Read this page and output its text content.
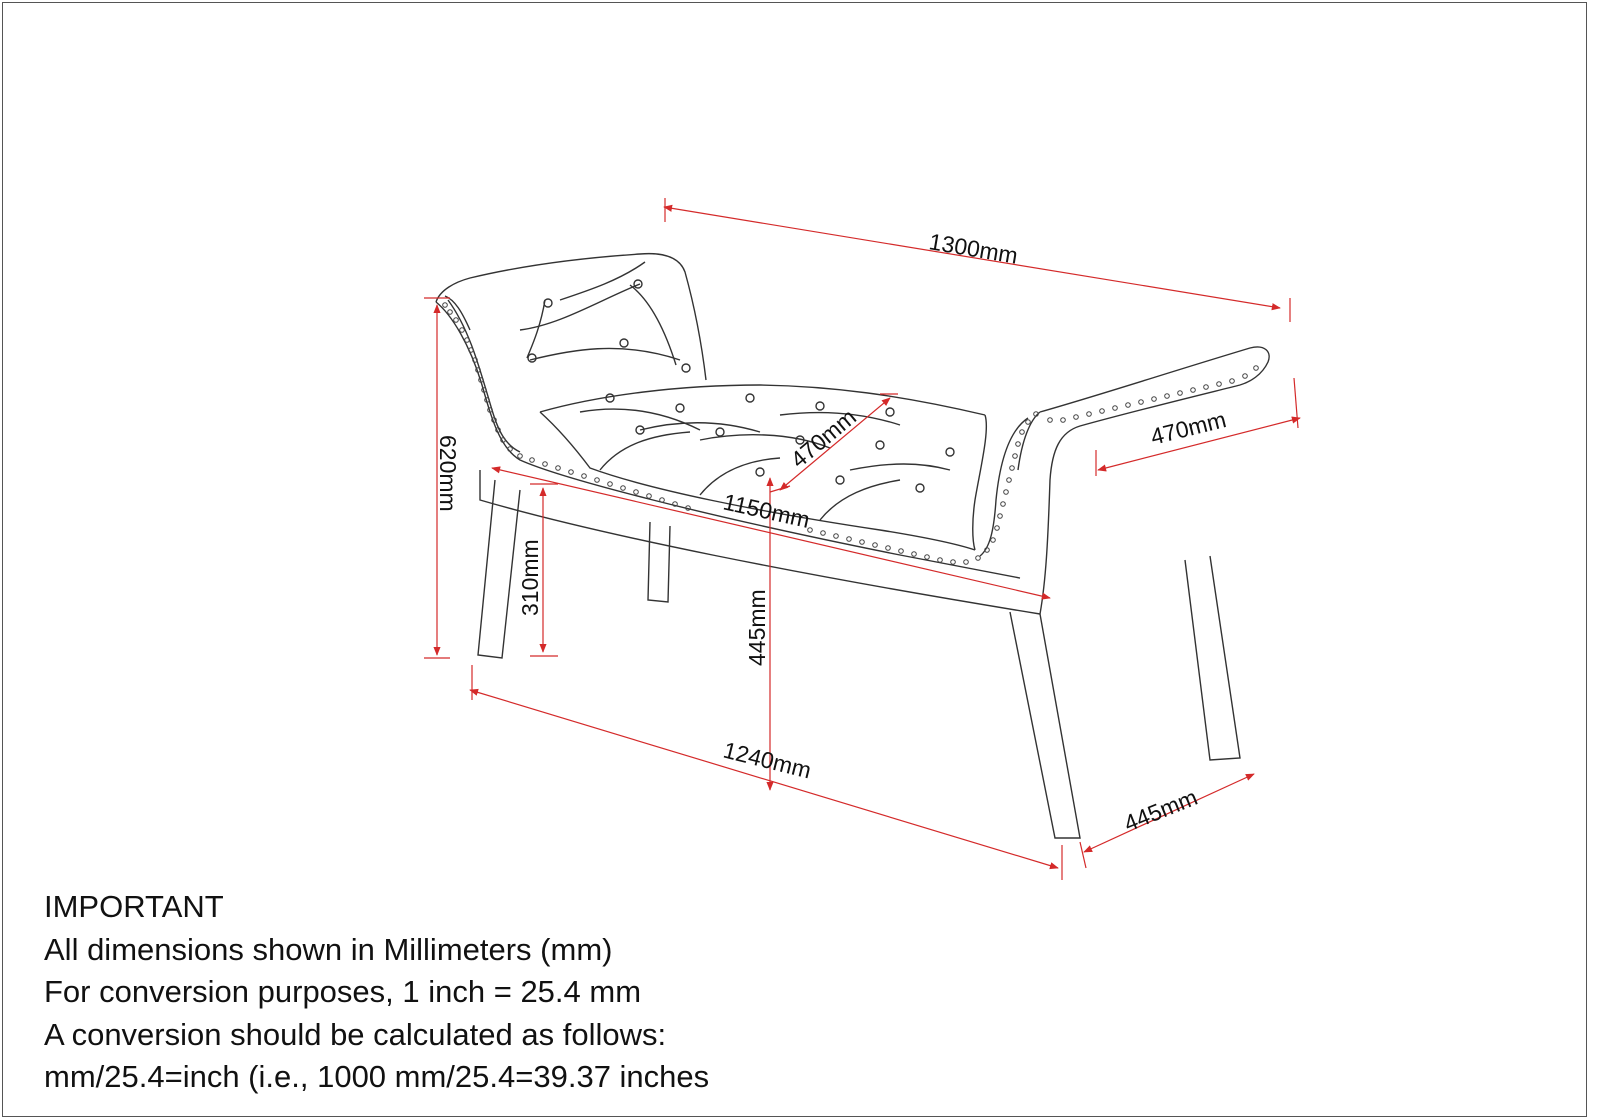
1300mm
470mm
470mm
1150mm
620mm
310mm
445mm
1240mm
445mm
IMPORTANT
All dimensions shown in Millimeters (mm)
For conversion purposes, 1 inch = 25.4 mm
A conversion should be calculated as follows:
mm/25.4=inch (i.e., 1000 mm/25.4=39.37 inches
